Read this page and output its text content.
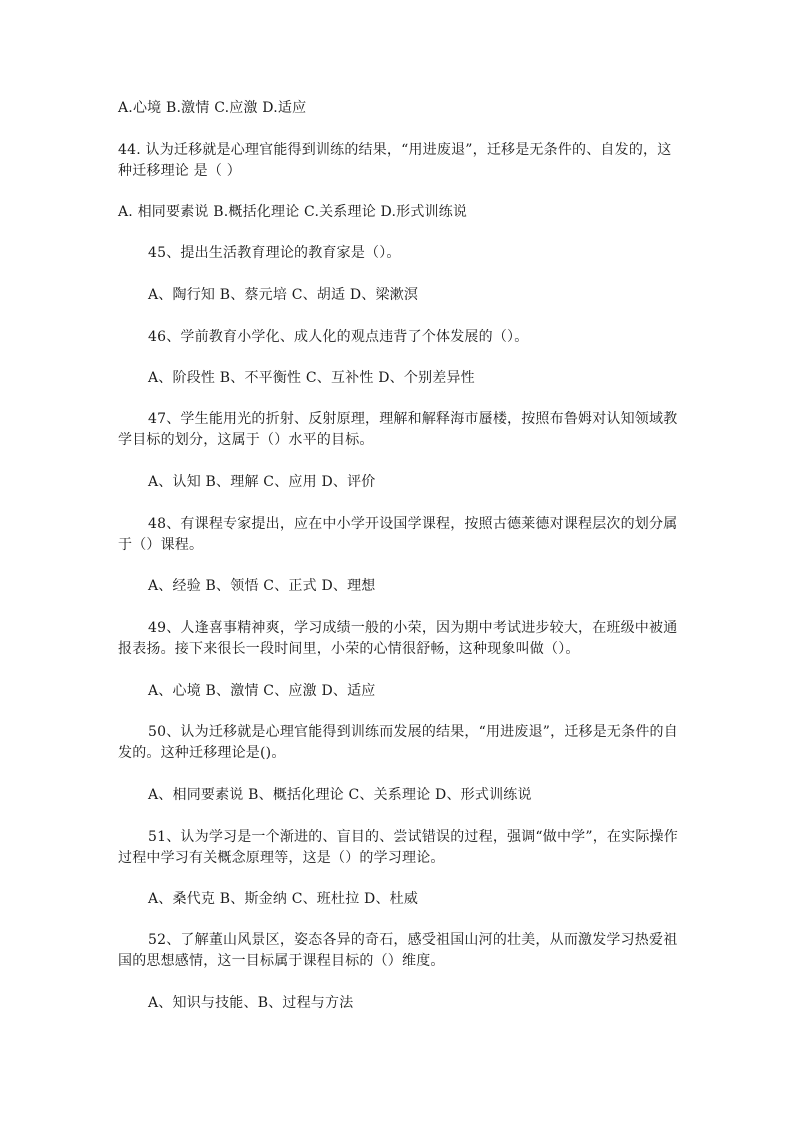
A.心境 B.激情 C.应激 D.适应
44. 认为迁移就是心理官能得到训练的结果，“用进废退”，迁移是无条件的、自发的，这
种迁移理论 是（ ）
A. 相同要素说 B.概括化理论 C.关系理论 D.形式训练说
45、提出生活教育理论的教育家是（）。
A、陶行知 B、蔡元培 C、胡适 D、梁漱溟
46、学前教育小学化、成人化的观点违背了个体发展的（）。
A、阶段性 B、不平衡性 C、互补性 D、个别差异性
47、学生能用光的折射、反射原理，理解和解释海市蜃楼，按照布鲁姆对认知领域教
学目标的划分，这属于（）水平的目标。
A、认知 B、理解 C、应用 D、评价
48、有课程专家提出，应在中小学开设国学课程，按照古德莱德对课程层次的划分属
于（）课程。
A、经验 B、领悟 C、正式 D、理想
49、人逢喜事精神爽，学习成绩一般的小荣，因为期中考试进步较大，在班级中被通
报表扬。接下来很长一段时间里，小荣的心情很舒畅，这种现象叫做（）。
A、心境 B、激情 C、应激 D、适应
50、认为迁移就是心理官能得到训练而发展的结果，“用进废退”，迁移是无条件的自
发的。这种迁移理论是()。
A、相同要素说 B、概括化理论 C、关系理论 D、形式训练说
51、认为学习是一个渐进的、盲目的、尝试错误的过程，强调“做中学”，在实际操作
过程中学习有关概念原理等，这是（）的学习理论。
A、桑代克 B、斯金纳 C、班杜拉 D、杜威
52、了解董山风景区，姿态各异的奇石，感受祖国山河的壮美，从而激发学习热爱祖
国的思想感情，这一目标属于课程目标的（）维度。
A、知识与技能、B、过程与方法
